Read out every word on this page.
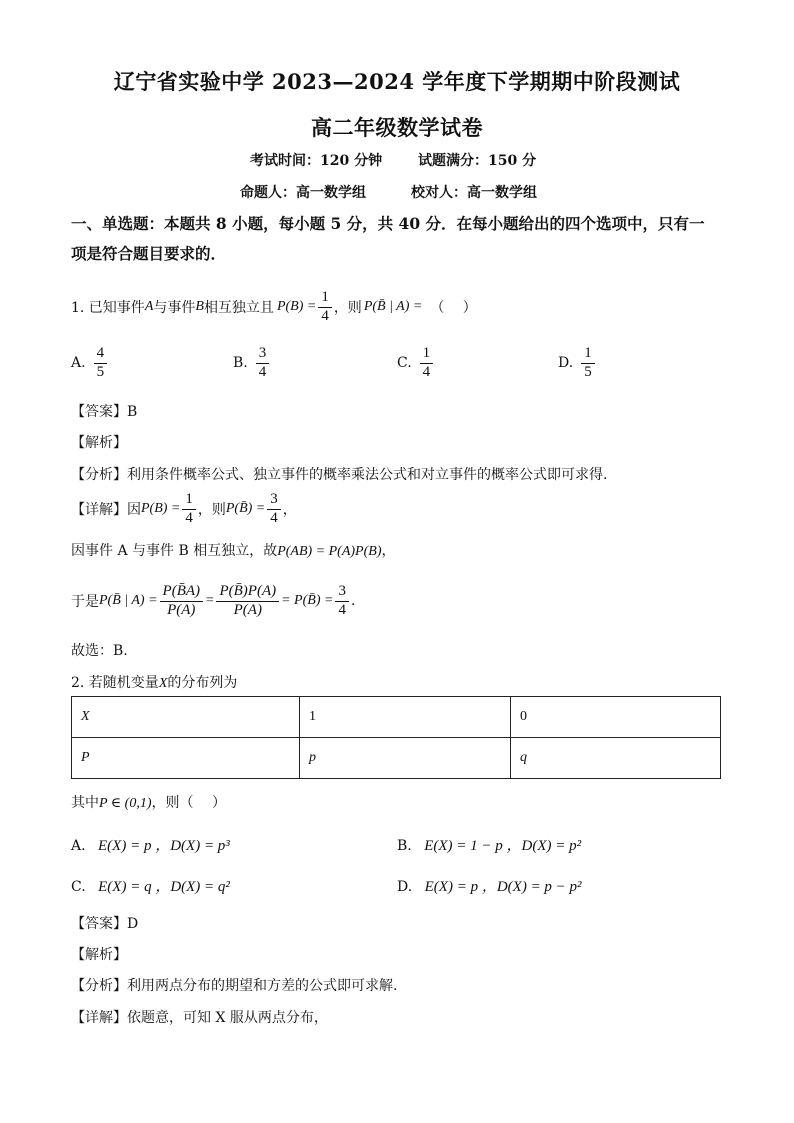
辽宁省实验中学 2023—2024 学年度下学期期中阶段测试
高二年级数学试卷
考试时间：120 分钟	试题满分：150 分
命题人：高一数学组	校对人：高一数学组
一、单选题：本题共 8 小题，每小题 5 分，共 40 分．在每小题给出的四个选项中，只有一
项是符合题目要求的．
1. 已知事件 A 与事件 B 相互独立且 $P(B) = \frac{1}{4}$ ，则 P(B̄ | A) = （　 ）
A. $\frac{4}{5}$	B. $\frac{3}{4}$	C. $\frac{1}{4}$	D. $\frac{1}{5}$
【答案】B
【解析】
【分析】利用条件概率公式、独立事件的概率乘法公式和对立事件的概率公式即可求得.
【详解】因 $P(B) = \frac{1}{4}$ ，则 P(B̄) = $\frac{3}{4}$ ，
因事件 A 与事件 B 相互独立，故P(AB) = P(A)P(B)，
于是 P(B̄ | $A) = \frac{P(B̄A)}{P(A)} = \frac{P(B̄)P(A)}{P(A)}$ = P(B̄) = $\frac{3}{4}$ .
故选：B.
2. 若随机变量X的分布列为
X	1	0
P	p	q
其中P ∈ (0,1)，则（　 ）
A. E(X) = p ，D(X) = p³	B. E(X) = 1 − p ，D(X) = p²
C. E(X) = q ，D(X) = q²	D. E(X) = p ，D(X) = p − p²
【答案】D
【解析】
【分析】利用两点分布的期望和方差的公式即可求解.
【详解】依题意，可知 X 服从两点分布，
